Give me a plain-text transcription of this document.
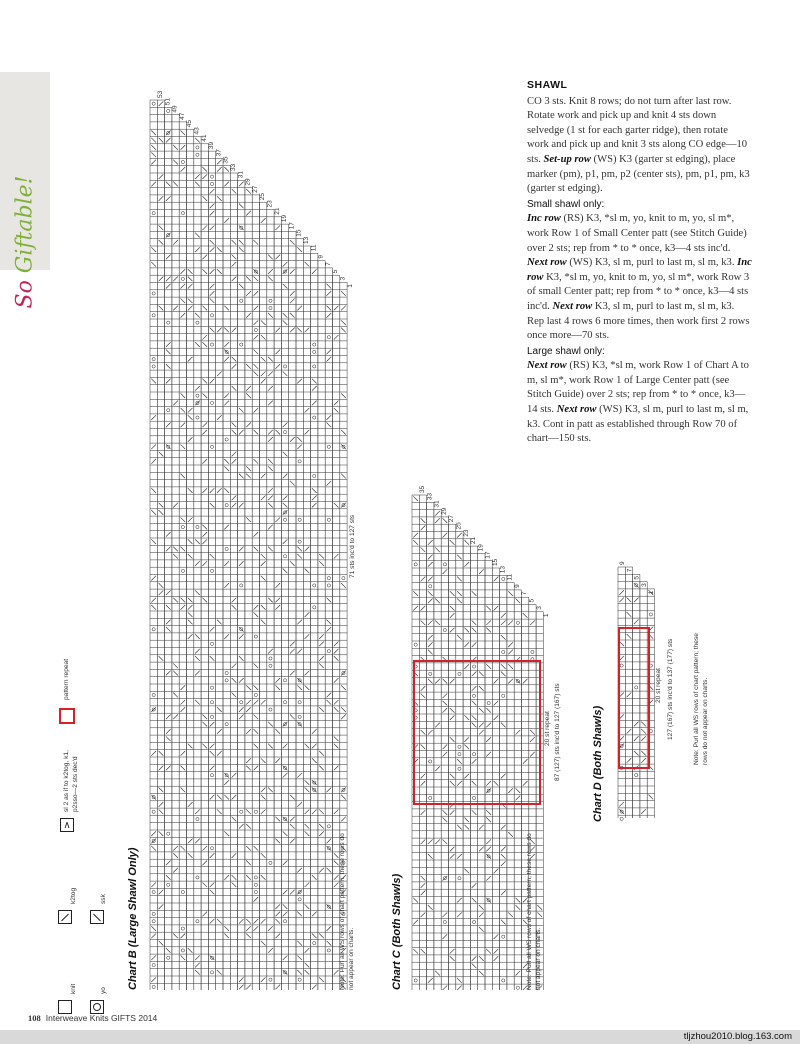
So Giftable!
53
51
49
47
45
43
41
39
37
35
33
31
29
27
25
23
21
19
17
15
13
11
9
7
5
3
1
35
33
31
29
27
25
23
21
19
17
15
13
11
9
7
5
3
1
9
7
5
3
1
SHAWL

CO 3 sts. Knit 8 rows; do not turn after last row. Rotate work and pick up and knit 4 sts down selvedge (1 st for each garter ridge), then rotate work and pick up and knit 3 sts along CO edge—10 sts. Set-up row (WS) K3 (garter st edging), place marker (pm), p1, pm, p2 (center sts), pm, p1, pm, k3 (garter st edging).

Small shawl only:

Inc row (RS) K3, *sl m, yo, knit to m, yo, sl m*, work Row 1 of Small Center patt (see Stitch Guide) over 2 sts; rep from * to * once, k3—4 sts inc'd. Next row (WS) K3, sl m, purl to last m, sl m, k3. Inc row K3, *sl m, yo, knit to m, yo, sl m*, work Row 3 of small Center patt; rep from * to * once, k3—4 sts inc'd. Next row K3, sl m, purl to last m, sl m, k3. Rep last 4 rows 6 more times, then work first 2 rows once more—70 sts.

Large shawl only:

Next row (RS) K3, *sl m, work Row 1 of Chart A to m, sl m*, work Row 1 of Large Center patt (see Stitch Guide) over 2 sts; rep from * to * once, k3—14 sts. Next row (WS) K3, sl m, purl to last m, sl m, k3. Cont in patt as established through Row 70 of chart—150 sts.

knit	yo
k2tog	ssk
∧
sl 2 as if to k2tog, k1, p2sso—2 sts dec'd
pattern repeat
Chart B (Large Shawl Only)	Note: Purl all WS rows of chart pattern; these rows do not appear on charts.
71 sts inc'd to 127 sts
Chart C (Both Shawls)	Note: Purl all WS rows of chart pattern; these rows do not appear on charts.
20 st repeat 87 (127) sts inc'd to 127 (167) sts	Chart D (Both Shawls)	Note: Purl all WS rows of chart pattern; these rows do not appear on charts.
20 st repeat 127 (167) sts inc'd to 137 (177) sts
108 Interweave Knits GIFTS 2014
tljzhou2010.blog.163.com
